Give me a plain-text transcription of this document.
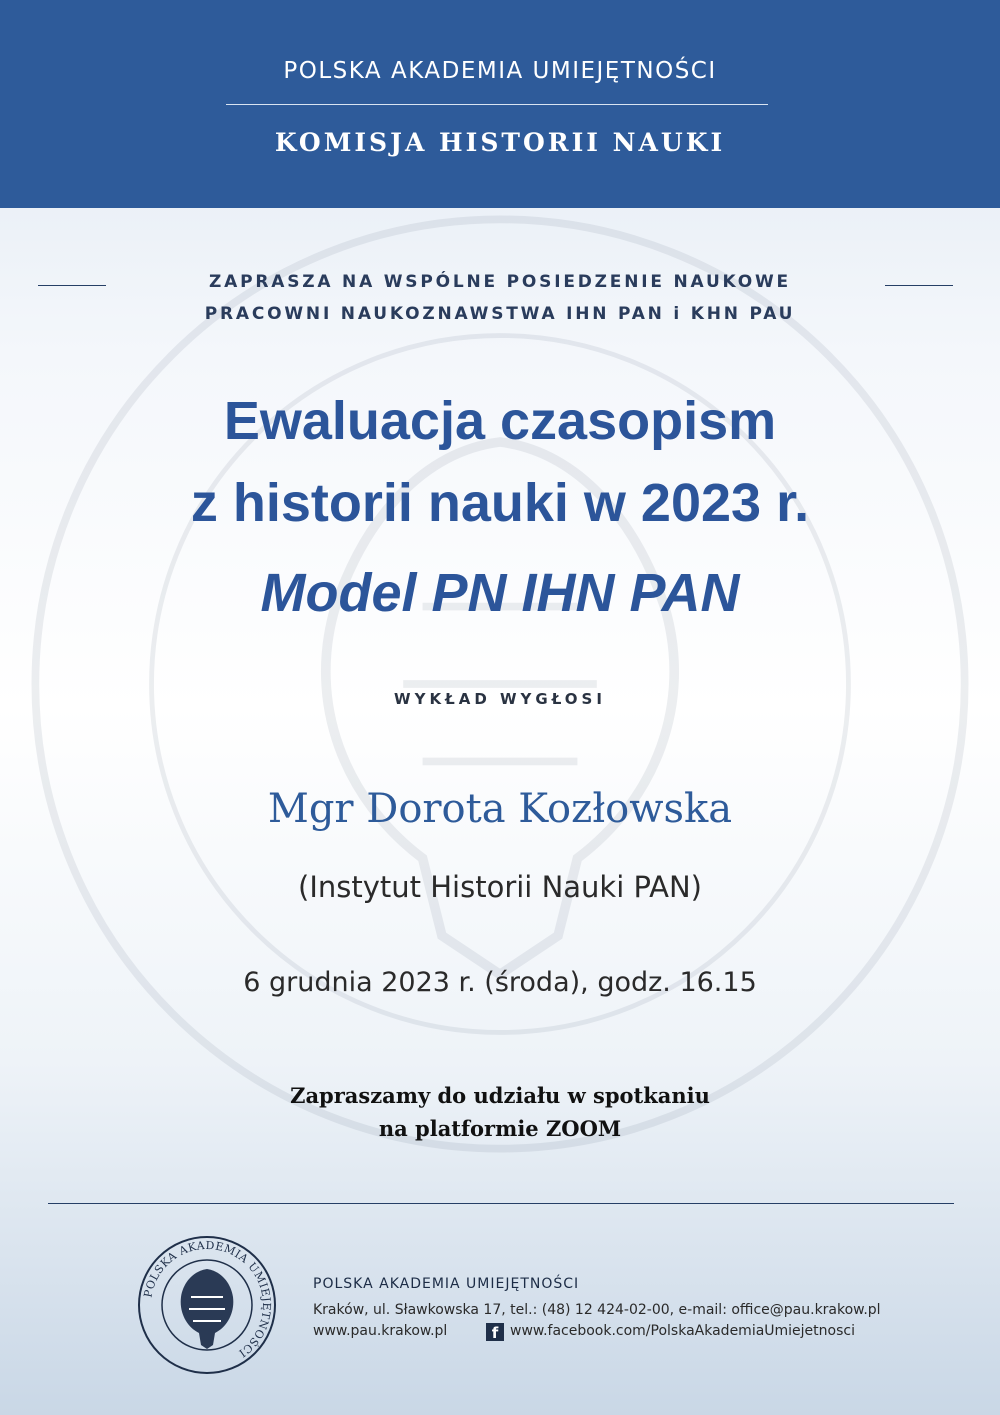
POLSKA AKADEMIA UMIEJĘTNOŚCI
KOMISJA HISTORII NAUKI
ZAPRASZA NA WSPÓLNE POSIEDZENIE NAUKOWE
PRACOWNI NAUKOZNAWSTWA IHN PAN i KHN PAU
Ewaluacja czasopism
z historii nauki w 2023 r.
Model PN IHN PAN
WYKŁAD WYGŁOSI
Mgr Dorota Kozłowska
(Instytut Historii Nauki PAN)
6 grudnia 2023 r. (środa), godz. 16.15
Zapraszamy do udziału w spotkaniu
na platformie ZOOM
POLSKA AKADEMIA UMIEJĘTNOŚCI
POLSKA AKADEMIA UMIEJĘTNOŚCI
Kraków, ul. Sławkowska 17, tel.: (48) 12 424-02-00, e-mail: office@pau.krakow.pl
www.pau.krakow.pl	f www.facebook.com/PolskaAkademiaUmiejetnosci
